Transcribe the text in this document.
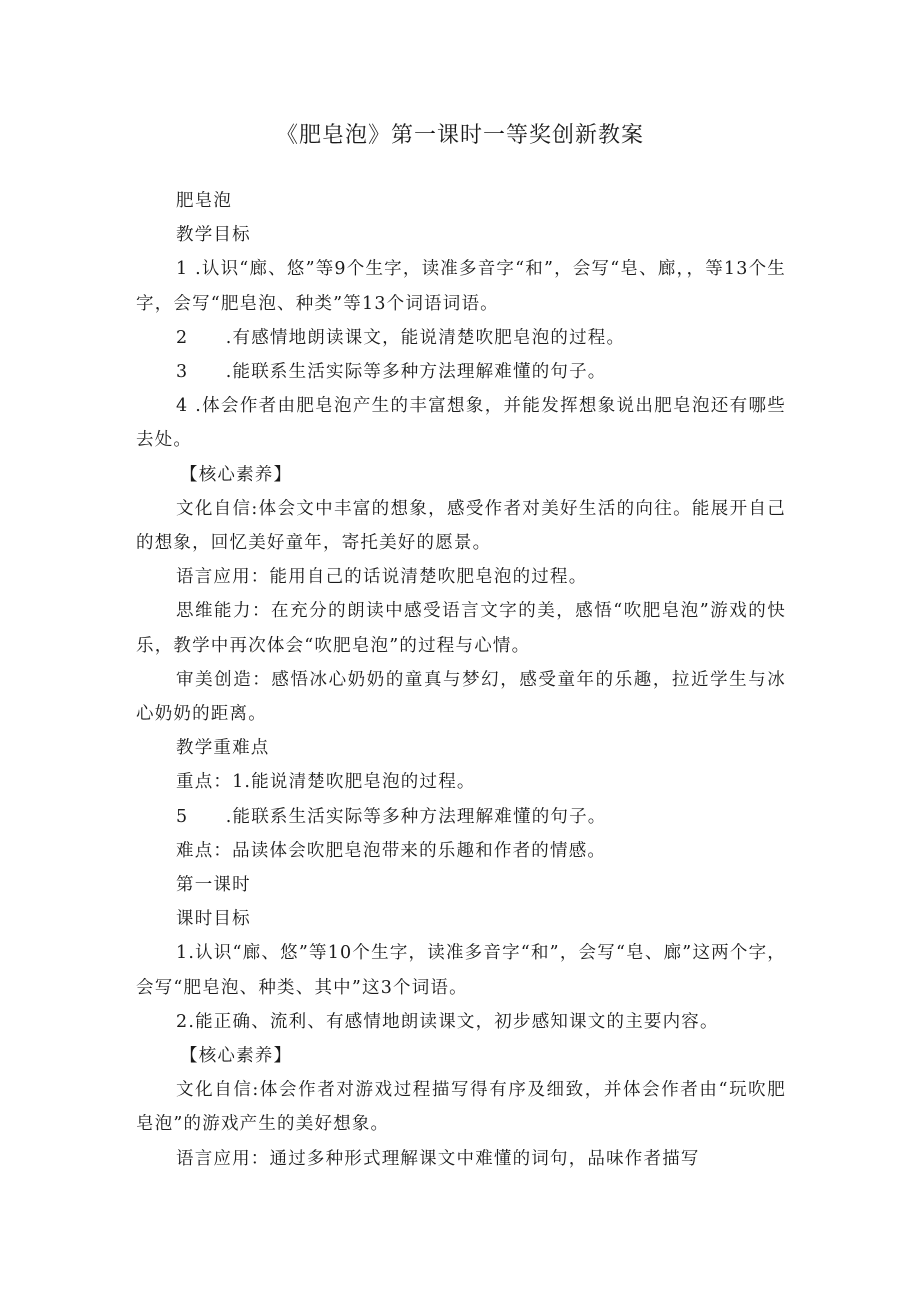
《肥皂泡》第一课时一等奖创新教案

肥皂泡

教学目标

1 .认识“廊、悠”等9个生字，读准多音字“和”，会写“皂、廊，，等13个生字，会写“肥皂泡、种类”等13个词语词语。

2　　.有感情地朗读课文，能说清楚吹肥皂泡的过程。

3　　.能联系生活实际等多种方法理解难懂的句子。

4 .体会作者由肥皂泡产生的丰富想象，并能发挥想象说出肥皂泡还有哪些去处。

【核心素养】

文化自信:体会文中丰富的想象，感受作者对美好生活的向往。能展开自己的想象，回忆美好童年，寄托美好的愿景。

语言应用：能用自己的话说清楚吹肥皂泡的过程。

思维能力：在充分的朗读中感受语言文字的美，感悟“吹肥皂泡”游戏的快乐，教学中再次体会“吹肥皂泡”的过程与心情。

审美创造：感悟冰心奶奶的童真与梦幻，感受童年的乐趣，拉近学生与冰心奶奶的距离。

教学重难点

重点：1.能说清楚吹肥皂泡的过程。

5　　.能联系生活实际等多种方法理解难懂的句子。

难点：品读体会吹肥皂泡带来的乐趣和作者的情感。

第一课时

课时目标

1.认识“廊、悠”等10个生字，读准多音字“和”，会写“皂、廊”这两个字，会写“肥皂泡、种类、其中”这3个词语。

2.能正确、流利、有感情地朗读课文，初步感知课文的主要内容。

【核心素养】

文化自信:体会作者对游戏过程描写得有序及细致，并体会作者由“玩吹肥皂泡”的游戏产生的美好想象。

语言应用：通过多种形式理解课文中难懂的词句，品味作者描写
